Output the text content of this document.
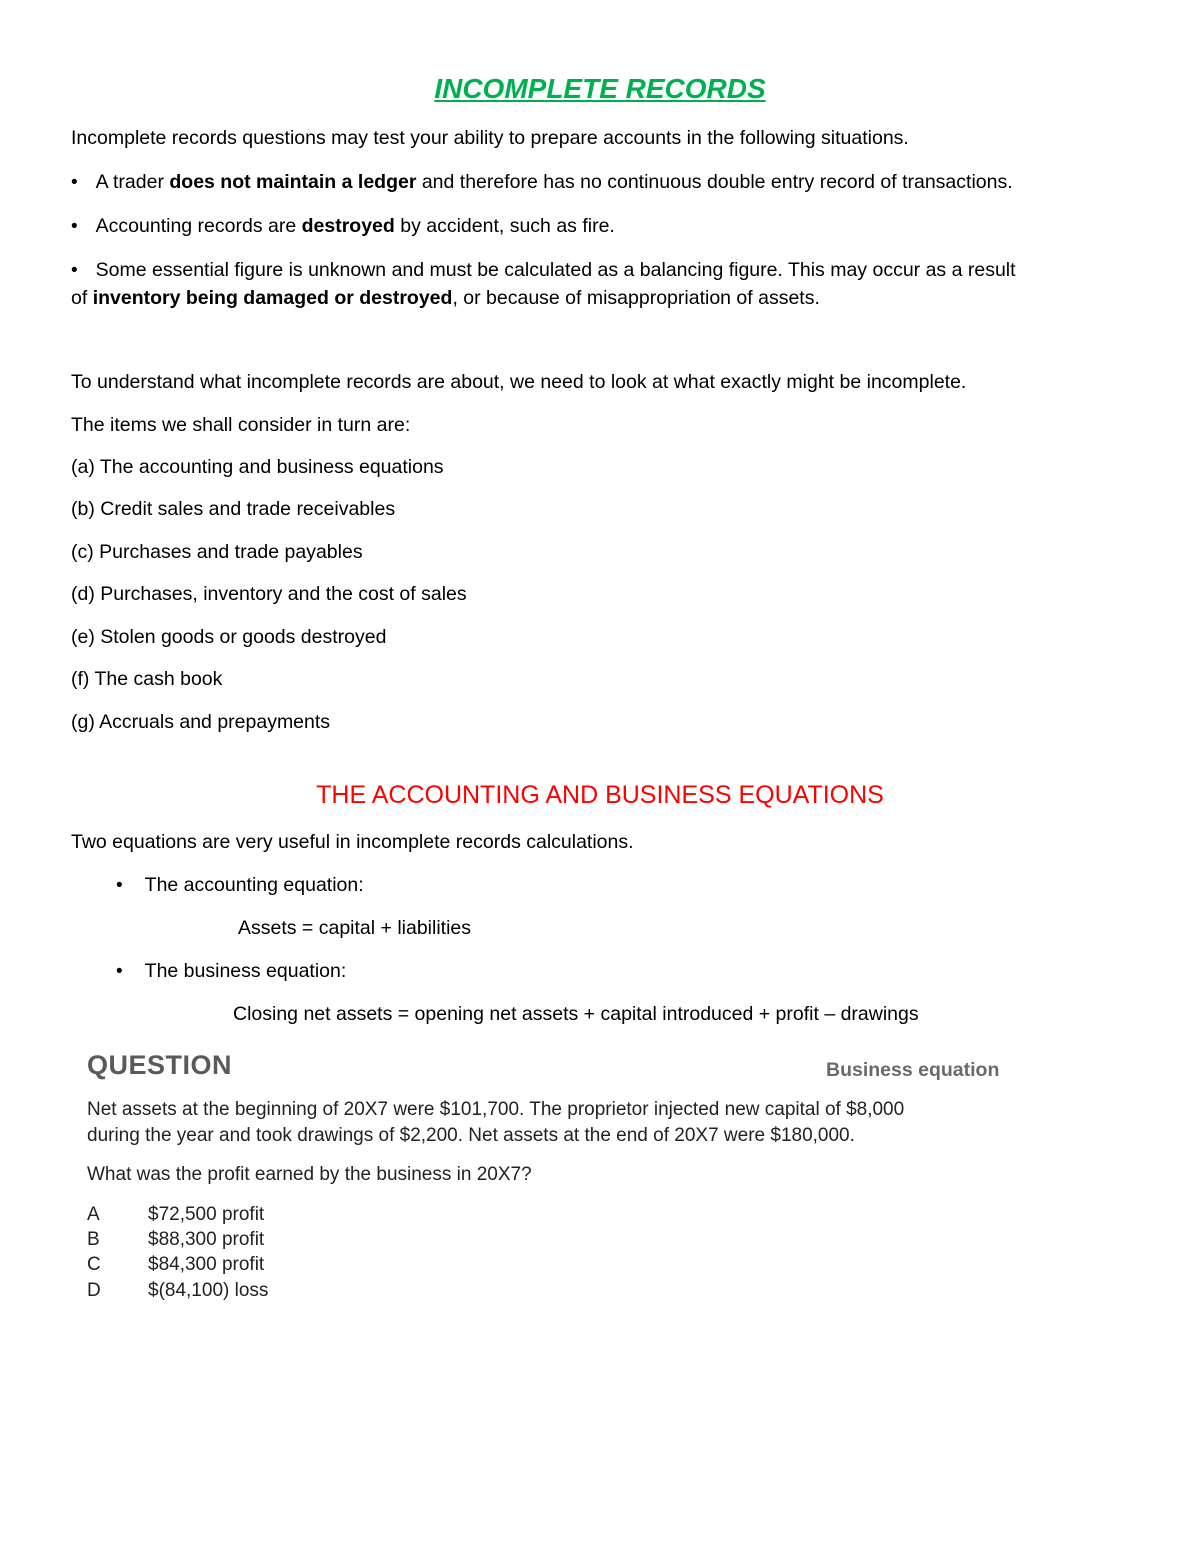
INCOMPLETE RECORDS
Incomplete records questions may test your ability to prepare accounts in the following situations.
• A trader does not maintain a ledger and therefore has no continuous double entry record of transactions.
• Accounting records are destroyed by accident, such as fire.
• Some essential figure is unknown and must be calculated as a balancing figure. This may occur as a result
of inventory being damaged or destroyed, or because of misappropriation of assets.
To understand what incomplete records are about, we need to look at what exactly might be incomplete.
The items we shall consider in turn are:
(a) The accounting and business equations
(b) Credit sales and trade receivables
(c) Purchases and trade payables
(d) Purchases, inventory and the cost of sales
(e) Stolen goods or goods destroyed
(f) The cash book
(g) Accruals and prepayments
THE ACCOUNTING AND BUSINESS EQUATIONS
Two equations are very useful in incomplete records calculations.
• The accounting equation:
Assets = capital + liabilities
• The business equation:
Closing net assets = opening net assets + capital introduced + profit – drawings
QUESTION	Business equation
Net assets at the beginning of 20X7 were $101,700. The proprietor injected new capital of $8,000
during the year and took drawings of $2,200. Net assets at the end of 20X7 were $180,000.
What was the profit earned by the business in 20X7?
A	$72,500 profit
B	$88,300 profit
C $84,300 profit
D $(84,100) loss
